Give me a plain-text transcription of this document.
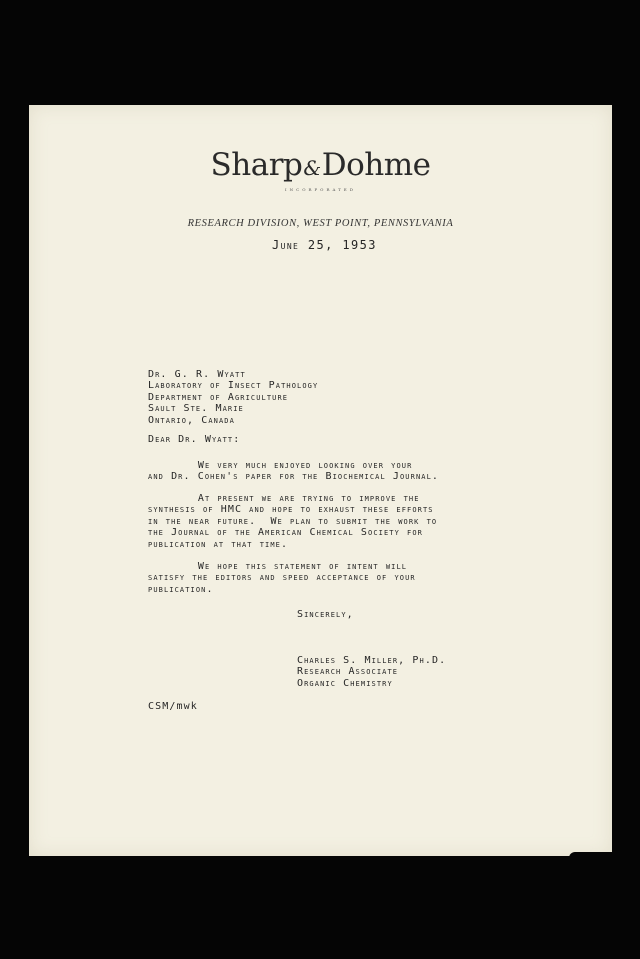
Sharp&Dohme
INCORPORATED
RESEARCH DIVISION, WEST POINT, PENNSYLVANIA
June 25, 1953
Dr. G. R. Wyatt
Laboratory of Insect Pathology
Department of Agriculture
Sault Ste. Marie
Ontario, Canada
Dear Dr. Wyatt:
We very much enjoyed looking over your
and Dr. Cohen's paper for the Biochemical Journal.
At present we are trying to improve the
synthesis of HMC and hope to exhaust these efforts
in the near future.  We plan to submit the work to
the Journal of the American Chemical Society for
publication at that time.
We hope this statement of intent will
satisfy the editors and speed acceptance of your
publication.
Sincerely,
Charles S. Miller, Ph.D.
Research Associate
Organic Chemistry
CSM/mwk
